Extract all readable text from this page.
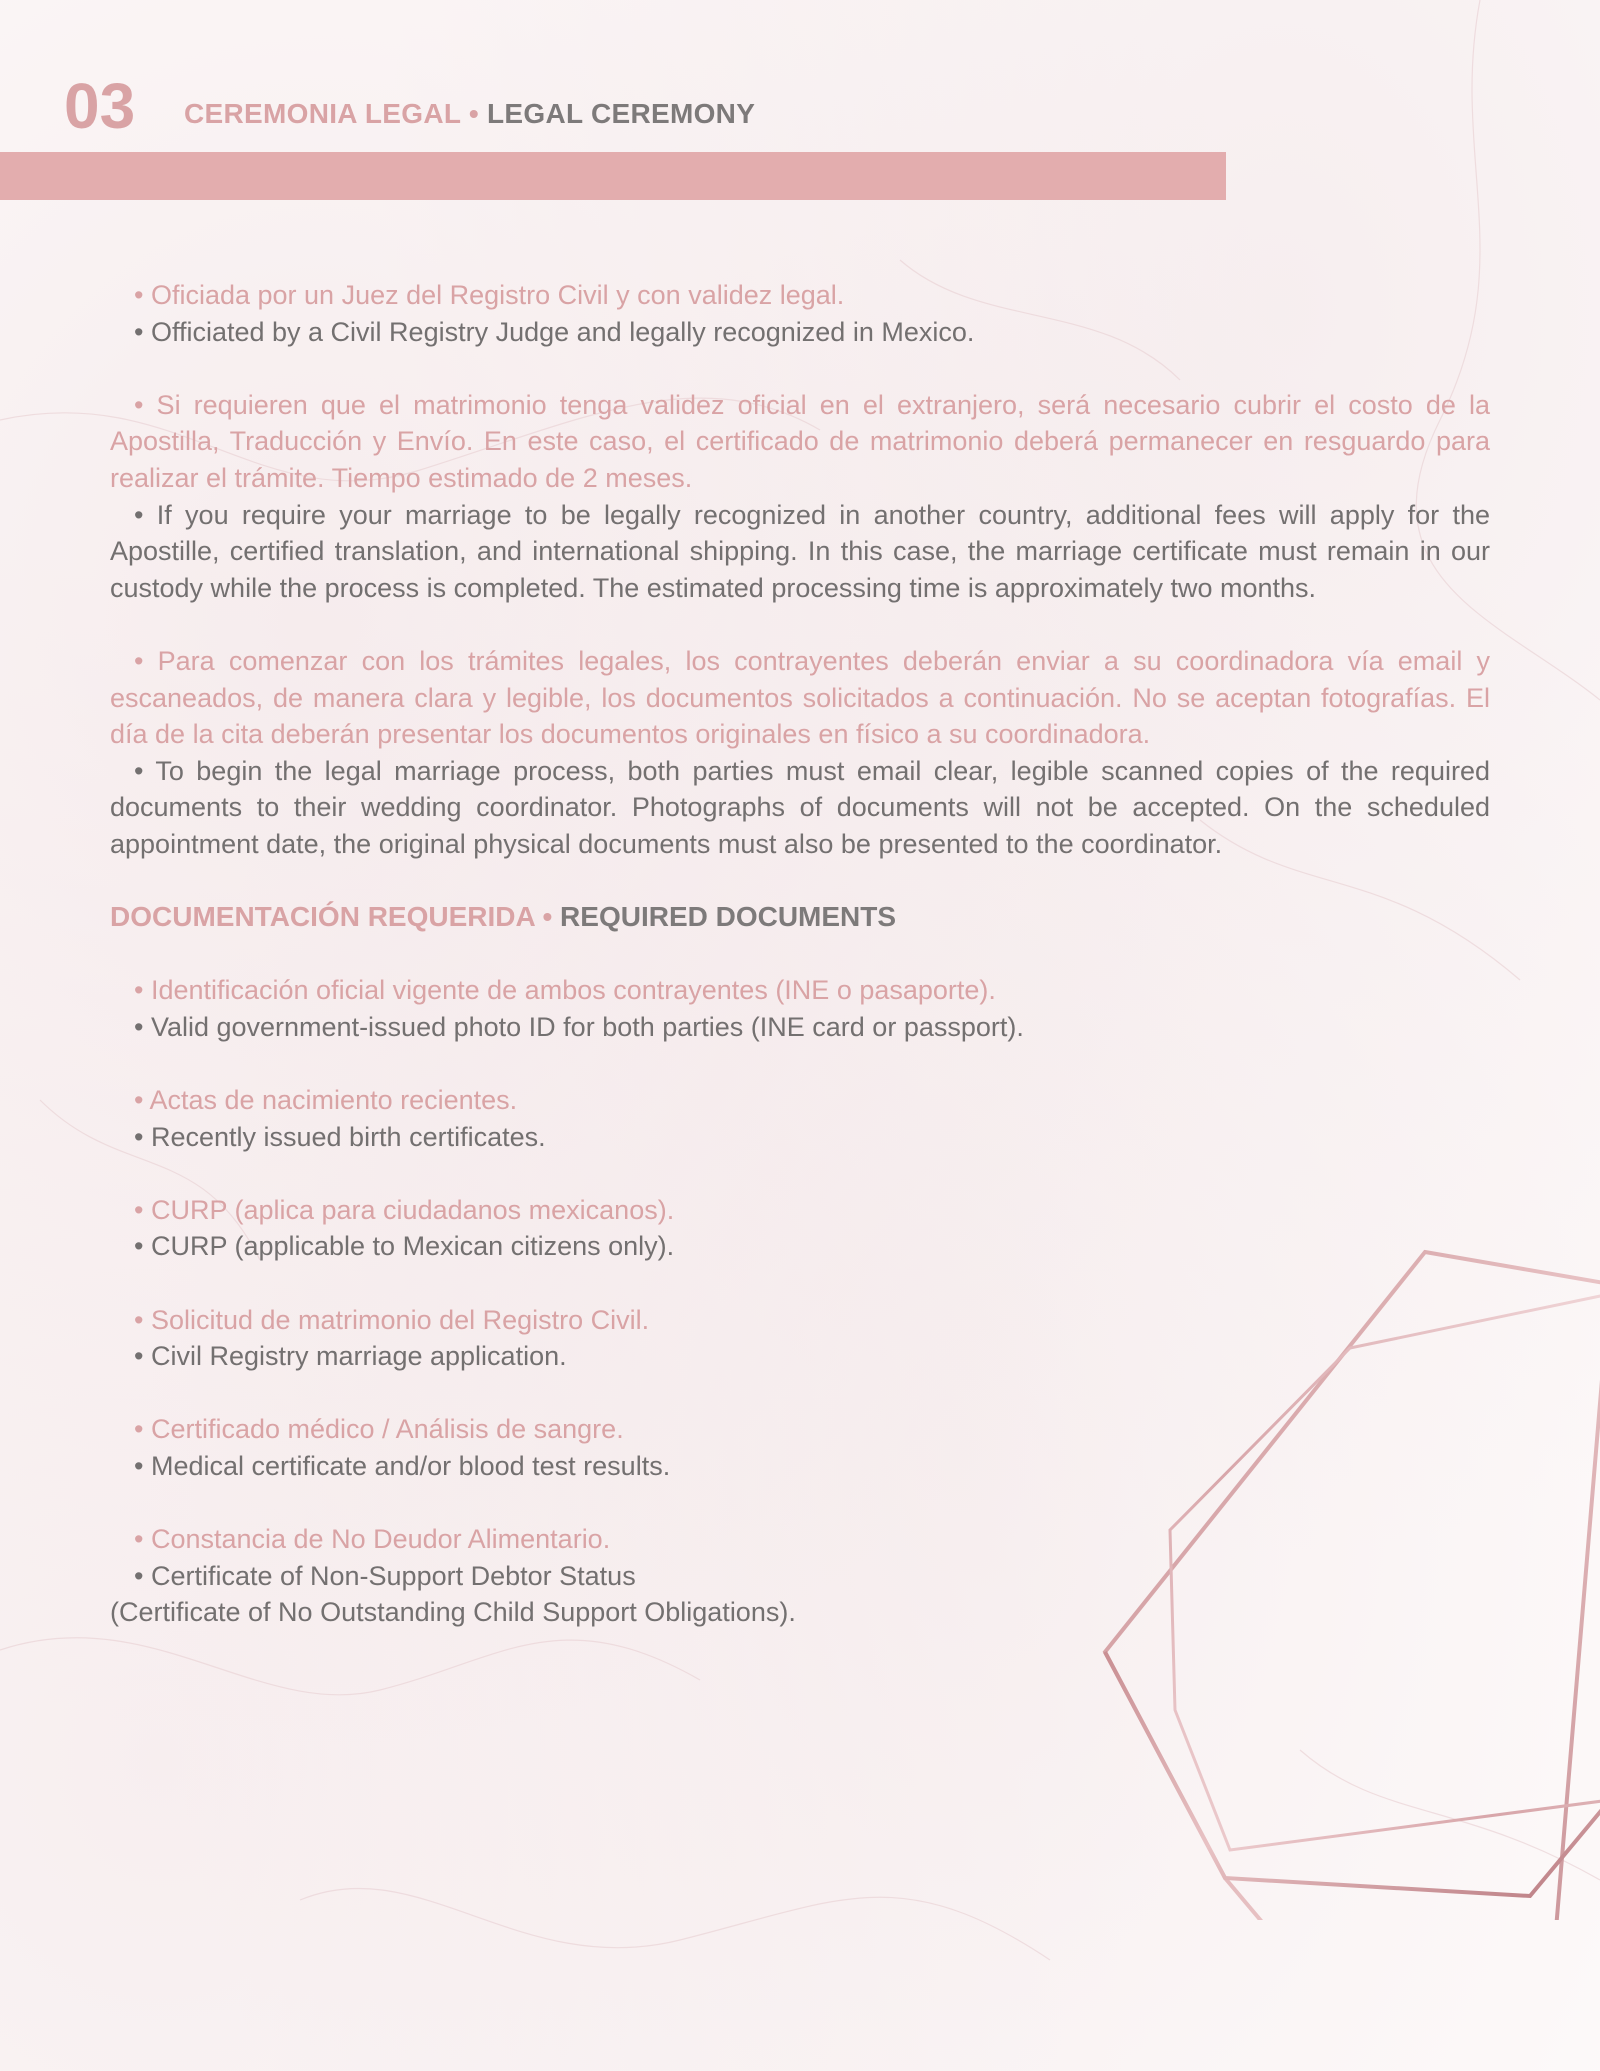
03 CEREMONIA LEGAL • LEGAL CEREMONY

• Oficiada por un Juez del Registro Civil y con validez legal.

• Officiated by a Civil Registry Judge and legally recognized in Mexico.

• Si requieren que el matrimonio tenga validez oficial en el extranjero, será necesario cubrir el costo de la Apostilla, Traducción y Envío. En este caso, el certificado de matrimonio deberá permanecer en resguardo para realizar el trámite. Tiempo estimado de 2 meses.

• If you require your marriage to be legally recognized in another country, additional fees will apply for the Apostille, certified translation, and international shipping. In this case, the marriage certificate must remain in our custody while the process is completed. The estimated processing time is approximately two months.

• Para comenzar con los trámites legales, los contrayentes deberán enviar a su coordinadora vía email y escaneados, de manera clara y legible, los documentos solicitados a continuación. No se aceptan fotografías. El día de la cita deberán presentar los documentos originales en físico a su coordinadora.

• To begin the legal marriage process, both parties must email clear, legible scanned copies of the required documents to their wedding coordinator. Photographs of documents will not be accepted. On the scheduled appointment date, the original physical documents must also be presented to the coordinator.

DOCUMENTACIÓN REQUERIDA • REQUIRED DOCUMENTS

• Identificación oficial vigente de ambos contrayentes (INE o pasaporte).

• Valid government-issued photo ID for both parties (INE card or passport).

• Actas de nacimiento recientes.

• Recently issued birth certificates.

• CURP (aplica para ciudadanos mexicanos).

• CURP (applicable to Mexican citizens only).

• Solicitud de matrimonio del Registro Civil.

• Civil Registry marriage application.

• Certificado médico / Análisis de sangre.

• Medical certificate and/or blood test results.

• Constancia de No Deudor Alimentario.

• Certificate of Non-Support Debtor Status

(Certificate of No Outstanding Child Support Obligations).
